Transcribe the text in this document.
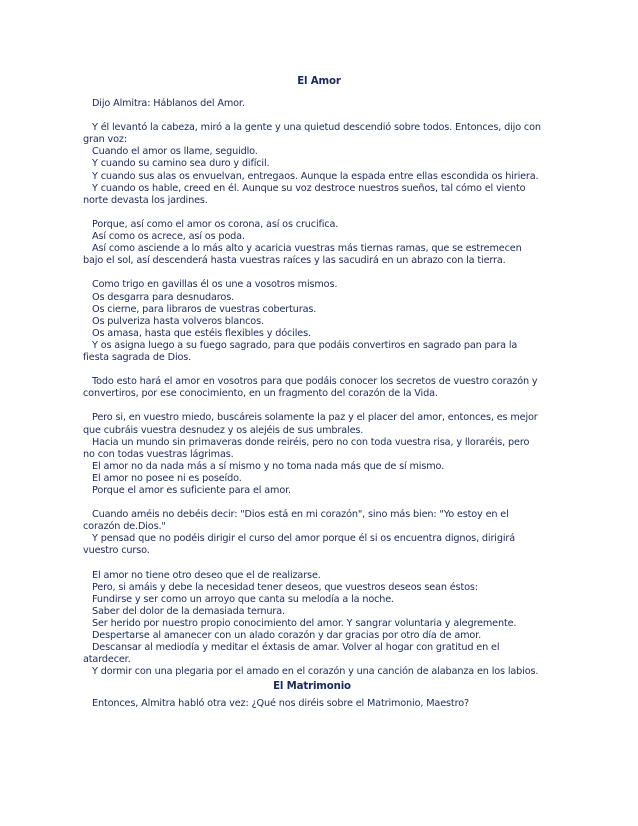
El Amor

Dijo Almitra: Háblanos del Amor.

Y él levantó la cabeza, miró a la gente y una quietud descendió sobre todos. Entonces, dijo con gran voz:

Cuando el amor os llame, seguidlo.

Y cuando su camino sea duro y difícil.

Y cuando sus alas os envuelvan, entregaos. Aunque la espada entre ellas escondida os hiriera.

Y cuando os hable, creed en él. Aunque su voz destroce nuestros sueños, tal cómo el viento norte devasta los jardines.

Porque, así como el amor os corona, así os crucifica.

Así como os acrece, así os poda.

Así como asciende a lo más alto y acaricia vuestras más tiernas ramas, que se estremecen bajo el sol, así descenderá hasta vuestras raíces y las sacudirá en un abrazo con la tierra.

Como trigo en gavillas él os une a vosotros mismos.

Os desgarra para desnudaros.

Os cierne, para libraros de vuestras coberturas.

Os pulveriza hasta volveros blancos.

Os amasa, hasta que estéis flexibles y dóciles.

Y os asigna luego a su fuego sagrado, para que podáis convertiros en sagrado pan para la fiesta sagrada de Dios.

Todo esto hará el amor en vosotros para que podáis conocer los secretos de vuestro corazón y convertiros, por ese conocimiento, en un fragmento del corazón de la Vida.

Pero si, en vuestro miedo, buscáreis solamente la paz y el placer del amor, entonces, es mejor que cubráis vuestra desnudez y os alejéis de sus umbrales.

Hacia un mundo sin primaveras donde reiréis, pero no con toda vuestra risa, y lloraréis, pero no con todas vuestras lágrimas.

El amor no da nada más a sí mismo y no toma nada más que de sí mismo.

El amor no posee ni es poseído.

Porque el amor es suficiente para el amor.

Cuando améis no debéis decir: "Dios está en mi corazón", sino más bien: "Yo estoy en el corazón de.Dios."

Y pensad que no podéis dirigir el curso del amor porque él si os encuentra dignos, dirigirá vuestro curso.

El amor no tiene otro deseo que el de realizarse.

Pero, si amáis y debe la necesidad tener deseos, que vuestros deseos sean éstos:

Fundirse y ser como un arroyo que canta su melodía a la noche.

Saber del dolor de la demasiada ternura.

Ser herido por nuestro propio conocimiento del amor. Y sangrar voluntaria y alegremente.

Despertarse al amanecer con un alado corazón y dar gracias por otro día de amor.

Descansar al mediodía y meditar el éxtasis de amar. Volver al hogar con gratitud en el atardecer.

Y dormir con una plegaria por el amado en el corazón y una canción de alabanza en los labios.

El Matrimonio

Entonces, Almitra habló otra vez: ¿Qué nos diréis sobre el Matrimonio, Maestro?
